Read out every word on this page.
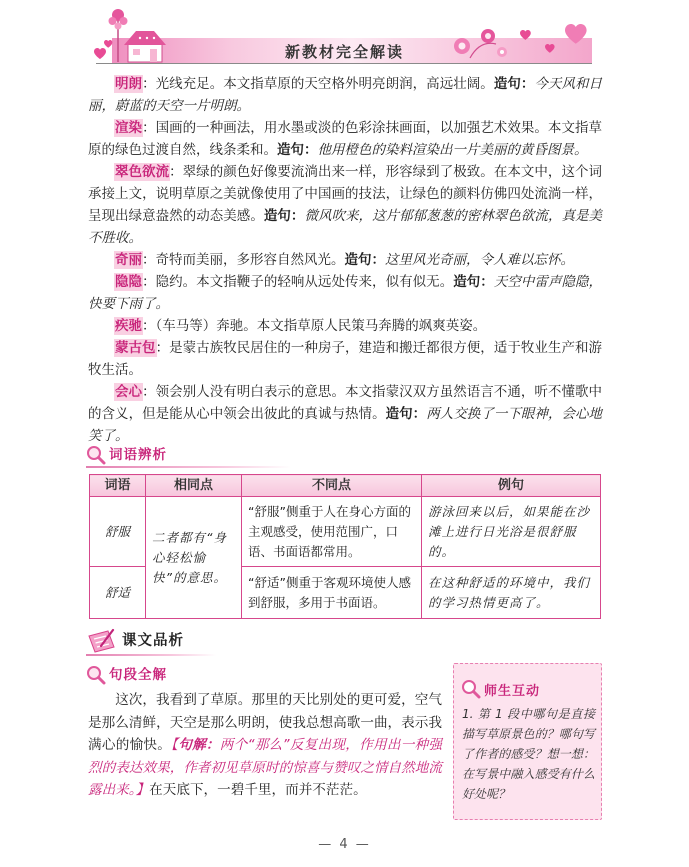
新教材完全解读

明朗：光线充足。本文指草原的天空格外明亮朗润，高远壮阔。造句：今天风和日丽，蔚蓝的天空一片明朗。

渲染：国画的一种画法，用水墨或淡的色彩涂抹画面，以加强艺术效果。本文指草原的绿色过渡自然，线条柔和。造句：他用橙色的染料渲染出一片美丽的黄昏图景。

翠色欲流：翠绿的颜色好像要流淌出来一样，形容绿到了极致。在本文中，这个词承接上文，说明草原之美就像使用了中国画的技法，让绿色的颜料仿佛四处流淌一样，呈现出绿意盎然的动态美感。造句：微风吹来，这片郁郁葱葱的密林翠色欲流，真是美不胜收。

奇丽：奇特而美丽，多形容自然风光。造句：这里风光奇丽，令人难以忘怀。

隐隐：隐约。本文指鞭子的轻响从远处传来，似有似无。造句：天空中雷声隐隐，快要下雨了。

疾驰：（车马等）奔驰。本文指草原人民策马奔腾的飒爽英姿。

蒙古包：是蒙古族牧民居住的一种房子，建造和搬迁都很方便，适于牧业生产和游牧生活。

会心：领会别人没有明白表示的意思。本文指蒙汉双方虽然语言不通，听不懂歌中的含义，但是能从心中领会出彼此的真诚与热情。造句：两人交换了一下眼神，会心地笑了。

词语辨析
词语	相同点	不同点	例句
舒服	二者都有“身心轻松愉快”的意思。	“舒服”侧重于人在身心方面的主观感受，使用范围广，口语、书面语都常用。	游泳回来以后，如果能在沙滩上进行日光浴是很舒服的。
舒适		“舒适”侧重于客观环境使人感到舒服，多用于书面语。	在这种舒适的环境中，我们的学习热情更高了。
课文品析
句段全解

这次，我看到了草原。那里的天比别处的更可爱，空气是那么清鲜，天空是那么明朗，使我总想高歌一曲，表示我满心的愉快。【句解：两个“那么”反复出现，作用出一种强烈的表达效果，作者初见草原时的惊喜与赞叹之情自然地流露出来。】在天底下，一碧千里，而并不茫茫。

师生互动

1. 第 1 段中哪句是直接描写草原景色的？哪句写了作者的感受？想一想：在写景中融入感受有什么好处呢？

— 4 —
